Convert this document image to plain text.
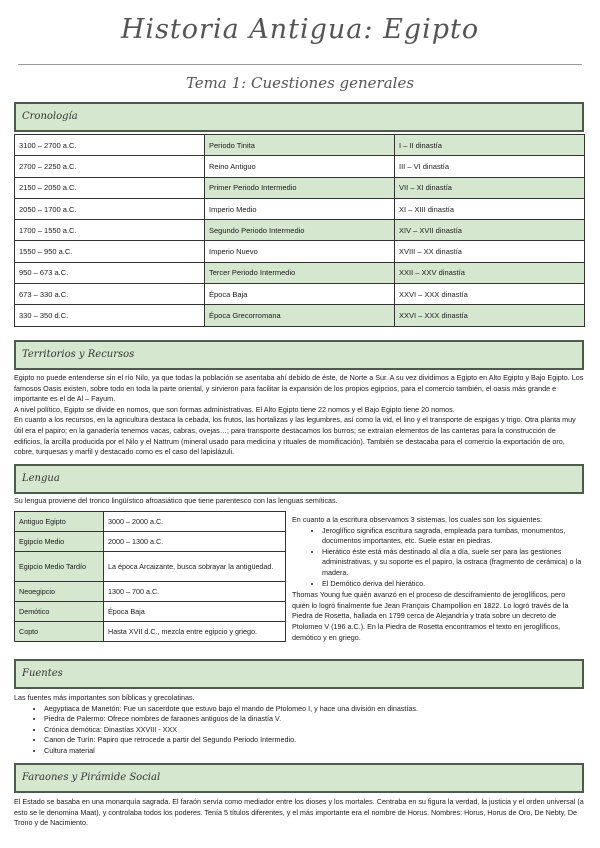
Historia Antigua: Egipto
Tema 1: Cuestiones generales
Cronología
3100 – 2700 a.C.	Periodo Tinita	I – II dinastía
2700 – 2250 a.C.	Reino Antiguo	III – VI dinastía
2150 – 2050 a.C.	Primer Periodo Intermedio	VII – XI dinastía
2050 – 1700 a.C.	Imperio Medio	XI – XIII dinastía
1700 – 1550 a.C.	Segundo Periodo Intermedio	XIV – XVII dinastía
1550 – 950 a.C.	Imperio Nuevo	XVIII – XX dinastía
950 – 673 a.C.	Tercer Periodo Intermedio	XXII – XXV dinastía
673 – 330 a.C.	Época Baja	XXVI – XXX dinastía
330 – 350 d.C.	Época Grecorromana	XXVI – XXX dinastía
Territorios y Recursos

Egipto no puede entenderse sin el río Nilo, ya que todas la población se asentaba ahí debido de éste, de Norte a Sur. A su vez dividimos a Egipto en Alto Egipto y Bajo Egipto. Los famosos Oasis existen, sobre todo en toda la parte oriental, y sirvieron para facilitar la expansión de los propios egipcios, para el comercio también, el oasis más grande e importante es el de Al – Fayum.

A nivel político, Egipto se divide en nomos, que son formas administrativas. El Alto Egipto tiene 22 nomos y el Bajo Egipto tiene 20 nomos.

En cuanto a los recursos, en la agricultura destaca la cebada, los frutos, las hortalizas y las legumbres, así como la vid, el lino y el transporte de espigas y trigo. Otra planta muy útil era el papiro; en la ganadería tenemos vacas, cabras, ovejas…; para transporte destacamos los burros; se extraían elementos de las canteras para la construcción de edificios, la arcilla producida por el Nilo y el Nattrum (mineral usado para medicina y rituales de momificación). También se destacaba para el comercio la exportación de oro, cobre, turquesas y marfil y destacado como es el caso del lapislázuli.

Lengua
Su lengua proviene del tronco lingüístico afroasiático que tiene parentesco con las lenguas semíticas.
Antiguo Egipto	3000 – 2000 a.C.
Egipcio Medio	2000 – 1300 a.C.
Egipcio Medio Tardío	La época Arcaizante, busca sobrayar la antigüedad.
Neoegipcio	1300 – 700 a.C.
Demótico	Época Baja
Copto	Hasta XVII d.C., mezcla entre egipcio y griego.

En cuanto a la escritura observamos 3 sistemas, los cuales son los siguientes:

• Jeroglífico significa escritura sagrada, empleada para tumbas, monumentos, documentos importantes, etc. Suele estar en piedras.
• Hierático éste está más destinado al día a día, suele ser para las gestiones administrativas, y su soporte es el papiro, la ostraca (fragmento de cerámica) o la madera.
• El Demótico deriva del hierático.

Thomas Young fue quién avanzó en el proceso de desciframiento de jeroglíficos, pero quién lo logró finalmente fue Jean François Champollion en 1822. Lo logró través de la Piedra de Rosetta, hallada en 1799 cerca de Alejandría y trata sobre un decreto de Ptolomeo V (196 a.C.). En la Piedra de Rosetta encontramos el texto en jeroglíficos, demótico y en griego.

Fuentes

Las fuentes más importantes son bíblicas y grecolatinas.

• Aegyptiaca de Manetón: Fue un sacerdote que estuvo bajo el mando de Ptolomeo I, y hace una división en dinastías.
• Piedra de Palermo: Ofrece nombres de faraones antiguos de la dinastía V.
• Crónica demótica: Dinastías XXVIII - XXX
• Canon de Turín: Papiro que retrocede a partir del Segundo Periodo Intermedio.
• Cultura material
Faraones y Pirámide Social
El Estado se basaba en una monarquía sagrada. El faraón servía como mediador entre los dioses y los mortales. Centraba en su figura la verdad, la justicia y el orden universal (a esto se le denomina Maat), y controlaba todos los poderes. Tenía 5 títulos diferentes, y el más importante era el nombre de Horus. Nombres: Horus, Horus de Oro, De Nebty, De Trono y de Nacimiento.
